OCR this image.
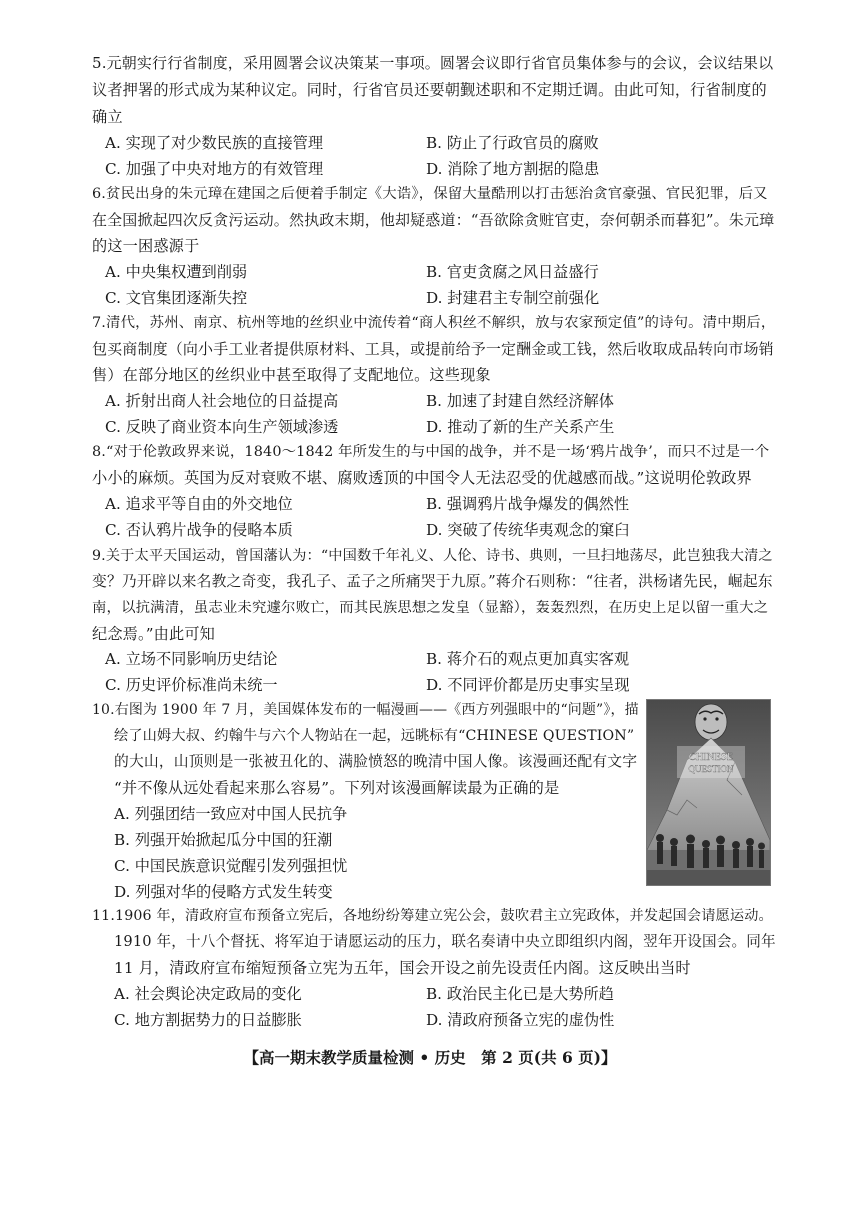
5.元朝实行行省制度，采用圆署会议决策某一事项。圆署会议即行省官员集体参与的会议，会议结果以
议者押署的形式成为某种议定。同时，行省官员还要朝觐述职和不定期迁调。由此可知，行省制度的
确立
A. 实现了对少数民族的直接管理	B. 防止了行政官员的腐败
C. 加强了中央对地方的有效管理	D. 消除了地方割据的隐患
6.贫民出身的朱元璋在建国之后便着手制定《大诰》，保留大量酷刑以打击惩治贪官豪强、官民犯罪，后又
在全国掀起四次反贪污运动。然执政末期，他却疑惑道：“吾欲除贪赃官吏，奈何朝杀而暮犯”。朱元璋
的这一困惑源于
A. 中央集权遭到削弱	B. 官吏贪腐之风日益盛行
C. 文官集团逐渐失控	D. 封建君主专制空前强化
7.清代，苏州、南京、杭州等地的丝织业中流传着“商人积丝不解织，放与农家预定值”的诗句。清中期后，
包买商制度（向小手工业者提供原材料、工具，或提前给予一定酬金或工钱，然后收取成品转向市场销
售）在部分地区的丝织业中甚至取得了支配地位。这些现象
A. 折射出商人社会地位的日益提高	B. 加速了封建自然经济解体
C. 反映了商业资本向生产领域渗透	D. 推动了新的生产关系产生
8.“对于伦敦政界来说，1840～1842 年所发生的与中国的战争，并不是一场‘鸦片战争’，而只不过是一个
小小的麻烦。英国为反对衰败不堪、腐败透顶的中国令人无法忍受的优越感而战。”这说明伦敦政界
A. 追求平等自由的外交地位	B. 强调鸦片战争爆发的偶然性
C. 否认鸦片战争的侵略本质	D. 突破了传统华夷观念的窠臼
9.关于太平天国运动，曾国藩认为：“中国数千年礼义、人伦、诗书、典则，一旦扫地荡尽，此岂独我大清之
变？乃开辟以来名教之奇变，我孔子、孟子之所痛哭于九原。”蒋介石则称：“往者，洪杨诸先民，崛起东
南，以抗满清，虽志业未究遽尔败亡，而其民族思想之发皇（显豁），轰轰烈烈，在历史上足以留一重大之
纪念焉。”由此可知
A. 立场不同影响历史结论	B. 蒋介石的观点更加真实客观
C. 历史评价标准尚未统一	D. 不同评价都是历史事实呈现
10.右图为 1900 年 7 月，美国媒体发布的一幅漫画——《西方列强眼中的“问题”》，描
绘了山姆大叔、约翰牛与六个人物站在一起，远眺标有“CHINESE QUESTION”
的大山，山顶则是一张被丑化的、满脸愤怒的晚清中国人像。该漫画还配有文字
“并不像从远处看起来那么容易”。下列对该漫画解读最为正确的是
A. 列强团结一致应对中国人民抗争
B. 列强开始掀起瓜分中国的狂潮
C. 中国民族意识觉醒引发列强担忧
D. 列强对华的侵略方式发生转变
CHINESE
QUESTION
11.1906 年，清政府宣布预备立宪后，各地纷纷筹建立宪公会，鼓吹君主立宪政体，并发起国会请愿运动。
1910 年，十八个督抚、将军迫于请愿运动的压力，联名奏请中央立即组织内阁，翌年开设国会。同年
11 月，清政府宣布缩短预备立宪为五年，国会开设之前先设责任内阁。这反映出当时
A. 社会舆论决定政局的变化	B. 政治民主化已是大势所趋
C. 地方割据势力的日益膨胀	D. 清政府预备立宪的虚伪性
【高一期末教学质量检测 • 历史　第 2 页(共 6 页)】
